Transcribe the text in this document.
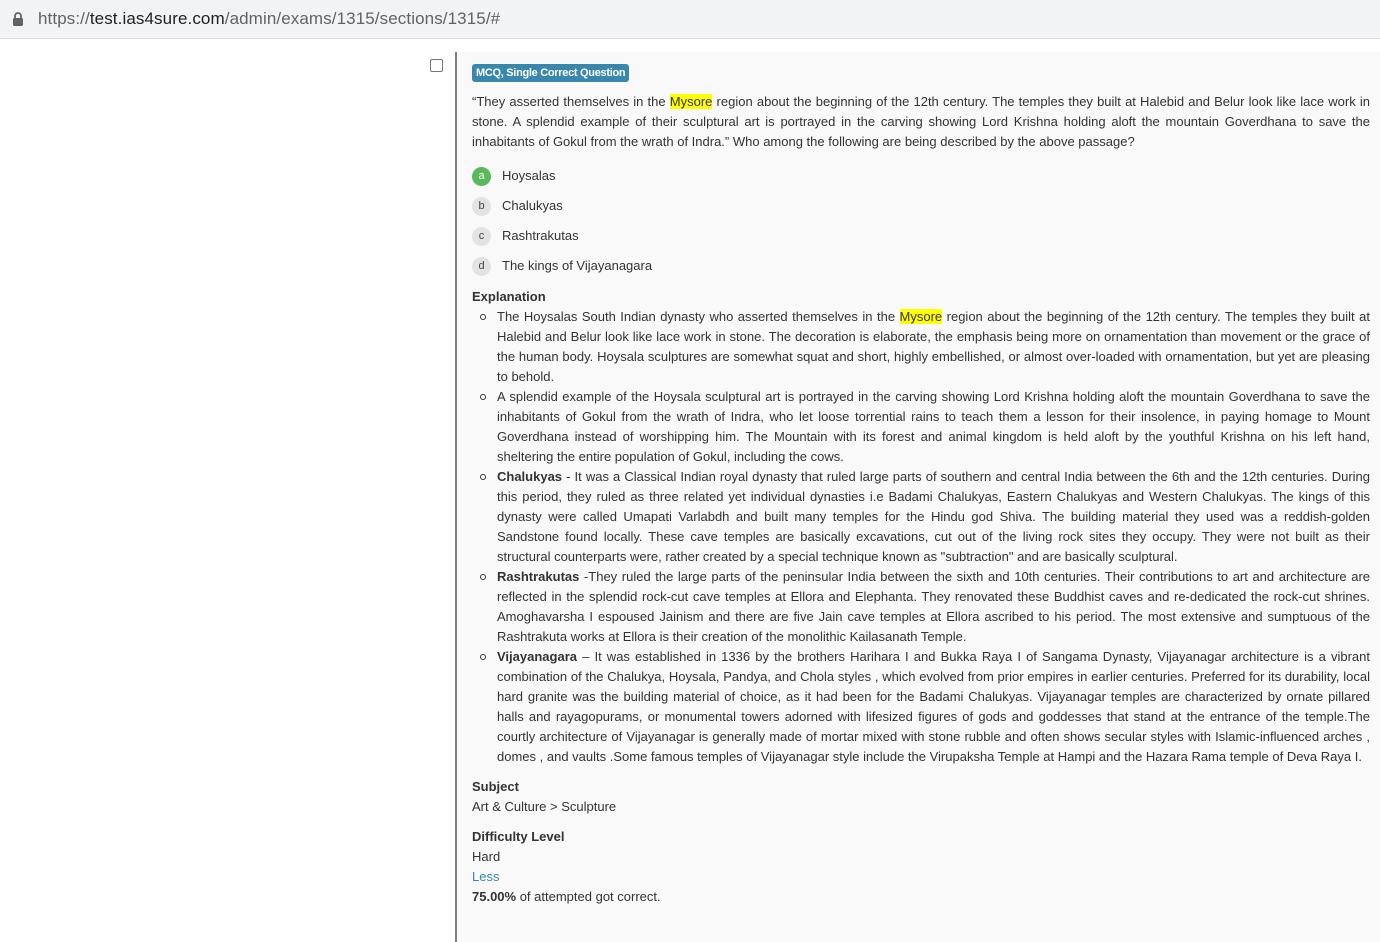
https://test.ias4sure.com/admin/exams/1315/sections/1315/#
MCQ, Single Correct Question
“They asserted themselves in the Mysore region about the beginning of the 12th century. The temples they built at Halebid and Belur look like lace work in stone. A splendid example of their sculptural art is portrayed in the carving showing Lord Krishna holding aloft the mountain Goverdhana to save the inhabitants of Gokul from the wrath of Indra.” Who among the following are being described by the above passage?
a	Hoysalas
b	Chalukyas
c	Rashtrakutas
d	The kings of Vijayanagara
Explanation
The Hoysalas South Indian dynasty who asserted themselves in the Mysore region about the beginning of the 12th century. The temples they built at Halebid and Belur look like lace work in stone. The decoration is elaborate, the emphasis being more on ornamentation than movement or the grace of the human body. Hoysala sculptures are somewhat squat and short, highly embellished, or almost over-loaded with ornamentation, but yet are pleasing to behold.
A splendid example of the Hoysala sculptural art is portrayed in the carving showing Lord Krishna holding aloft the mountain Goverdhana to save the inhabitants of Gokul from the wrath of Indra, who let loose torrential rains to teach them a lesson for their insolence, in paying homage to Mount Goverdhana instead of worshipping him. The Mountain with its forest and animal kingdom is held aloft by the youthful Krishna on his left hand, sheltering the entire population of Gokul, including the cows.
Chalukyas - It was a Classical Indian royal dynasty that ruled large parts of southern and central India between the 6th and the 12th centuries. During this period, they ruled as three related yet individual dynasties i.e Badami Chalukyas, Eastern Chalukyas and Western Chalukyas. The kings of this dynasty were called Umapati Varlabdh and built many temples for the Hindu god Shiva. The building material they used was a reddish-golden Sandstone found locally. These cave temples are basically excavations, cut out of the living rock sites they occupy. They were not built as their structural counterparts were, rather created by a special technique known as "subtraction" and are basically sculptural.
Rashtrakutas -They ruled the large parts of the peninsular India between the sixth and 10th centuries. Their contributions to art and architecture are reflected in the splendid rock-cut cave temples at Ellora and Elephanta. They renovated these Buddhist caves and re-dedicated the rock-cut shrines. Amoghavarsha I espoused Jainism and there are five Jain cave temples at Ellora ascribed to his period. The most extensive and sumptuous of the Rashtrakuta works at Ellora is their creation of the monolithic Kailasanath Temple.
Vijayanagara – It was established in 1336 by the brothers Harihara I and Bukka Raya I of Sangama Dynasty, Vijayanagar architecture is a vibrant combination of the Chalukya, Hoysala, Pandya, and Chola styles , which evolved from prior empires in earlier centuries. Preferred for its durability, local hard granite was the building material of choice, as it had been for the Badami Chalukyas. Vijayanagar temples are characterized by ornate pillared halls and rayagopurams, or monumental towers adorned with lifesized figures of gods and goddesses that stand at the entrance of the temple.The courtly architecture of Vijayanagar is generally made of mortar mixed with stone rubble and often shows secular styles with Islamic-influenced arches , domes , and vaults .Some famous temples of Vijayanagar style include the Virupaksha Temple at Hampi and the Hazara Rama temple of Deva Raya I.
Subject
Art & Culture > Sculpture
Difficulty Level
Hard
Less
75.00% of attempted got correct.
